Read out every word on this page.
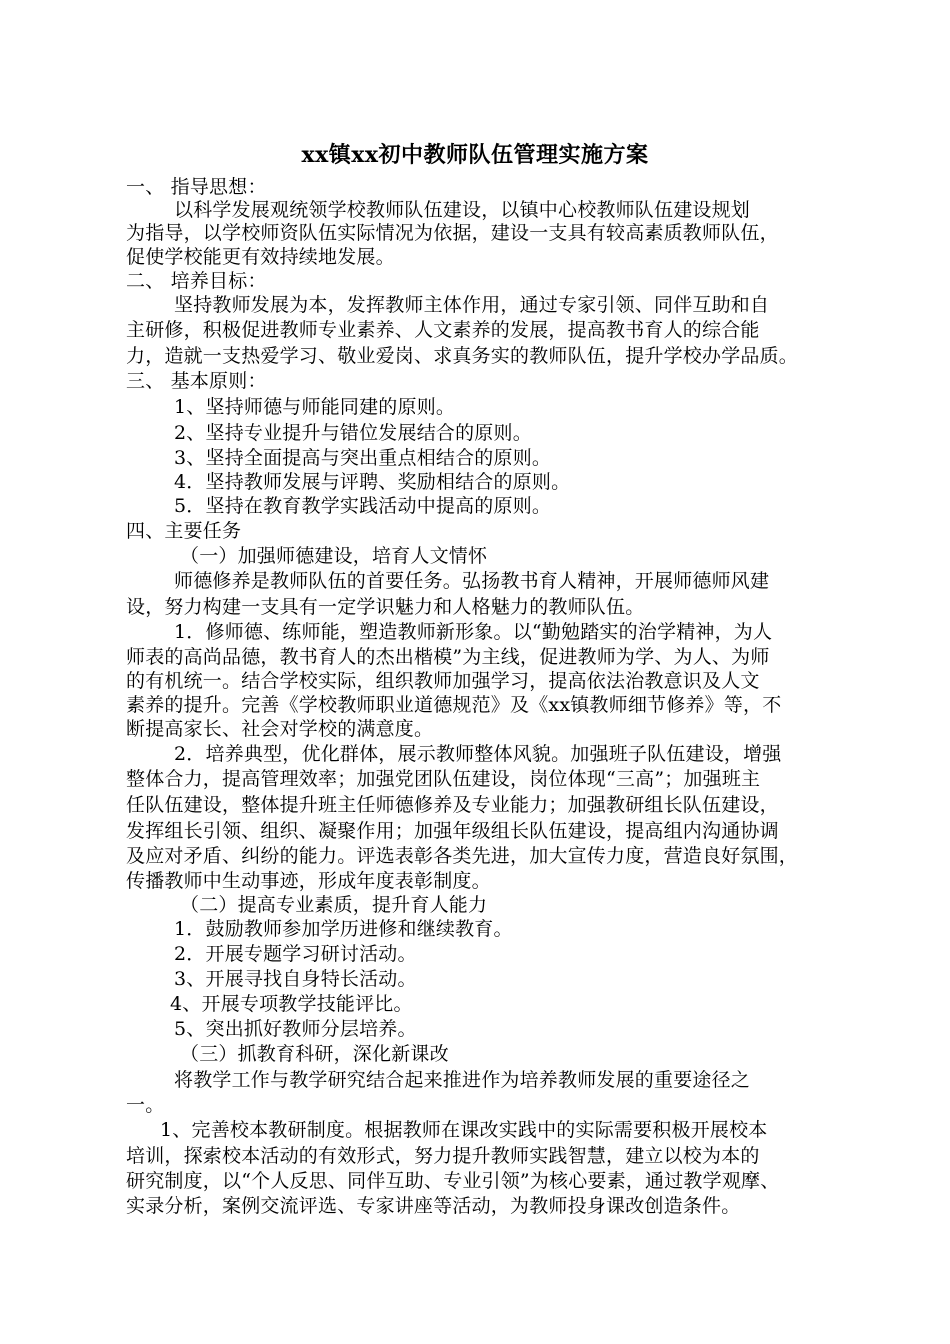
xx镇xx初中教师队伍管理实施方案
一、 指导思想：
以科学发展观统领学校教师队伍建设，以镇中心校教师队伍建设规划
为指导，以学校师资队伍实际情况为依据，建设一支具有较高素质教师队伍，
促使学校能更有效持续地发展。
二、 培养目标：
坚持教师发展为本，发挥教师主体作用，通过专家引领、同伴互助和自
主研修，积极促进教师专业素养、人文素养的发展，提高教书育人的综合能
力，造就一支热爱学习、敬业爱岗、求真务实的教师队伍，提升学校办学品质。
三、 基本原则：
1、坚持师德与师能同建的原则。
2、坚持专业提升与错位发展结合的原则。
3、坚持全面提高与突出重点相结合的原则。
4．坚持教师发展与评聘、奖励相结合的原则。
5．坚持在教育教学实践活动中提高的原则。
四、主要任务
（一）加强师德建设，培育人文情怀
师德修养是教师队伍的首要任务。弘扬教书育人精神，开展师德师风建
设，努力构建一支具有一定学识魅力和人格魅力的教师队伍。
1．修师德、练师能，塑造教师新形象。以“勤勉踏实的治学精神，为人
师表的高尚品德，教书育人的杰出楷模”为主线，促进教师为学、为人、为师
的有机统一。结合学校实际，组织教师加强学习，提高依法治教意识及人文
素养的提升。完善《学校教师职业道德规范》及《xx镇教师细节修养》等，不
断提高家长、社会对学校的满意度。
2．培养典型，优化群体，展示教师整体风貌。加强班子队伍建设，增强
整体合力，提高管理效率；加强党团队伍建设，岗位体现“三高”；加强班主
任队伍建设，整体提升班主任师德修养及专业能力；加强教研组长队伍建设，
发挥组长引领、组织、凝聚作用；加强年级组长队伍建设，提高组内沟通协调
及应对矛盾、纠纷的能力。评选表彰各类先进，加大宣传力度，营造良好氛围，
传播教师中生动事迹，形成年度表彰制度。
（二）提高专业素质，提升育人能力
1．鼓励教师参加学历进修和继续教育。
2．开展专题学习研讨活动。
3、开展寻找自身特长活动。
4、开展专项教学技能评比。
5、突出抓好教师分层培养。
（三）抓教育科研，深化新课改
将教学工作与教学研究结合起来推进作为培养教师发展的重要途径之
一。
1、完善校本教研制度。根据教师在课改实践中的实际需要积极开展校本
培训，探索校本活动的有效形式，努力提升教师实践智慧，建立以校为本的
研究制度，以“个人反思、同伴互助、专业引领”为核心要素，通过教学观摩、
实录分析，案例交流评选、专家讲座等活动，为教师投身课改创造条件。
